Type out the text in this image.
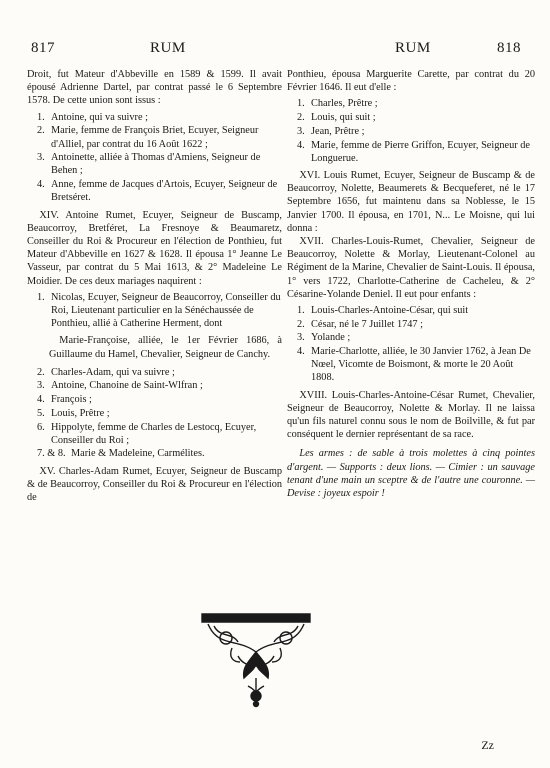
817	RUM	RUM	818

Droit, fut Mateur d'Abbeville en 1589 & 1599. Il avait épousé Adrienne Dartel, par contrat passé le 6 Septembre 1578. De cette union sont issus :

1. Antoine, qui va suivre ;
2. Marie, femme de François Briet, Ecuyer, Seigneur d'Alliel, par contrat du 16 Août 1622 ;
3. Antoinette, alliée à Thomas d'Amiens, Seigneur de Behen ;
4. Anne, femme de Jacques d'Artois, Ecuyer, Seigneur de Bretséret.

XIV. Antoine Rumet, Ecuyer, Seigneur de Buscamp, Beaucorroy, Bretféret, La Fresnoye & Beaumaretz, Conseiller du Roi & Procureur en l'élection de Ponthieu, fut Mateur d'Abbeville en 1627 & 1628. Il épousa 1° Jeanne Le Vasseur, par contrat du 5 Mai 1613, & 2° Madeleine Le Moidier. De ces deux mariages naquirent :

1. Nicolas, Ecuyer, Seigneur de Beaucorroy, Conseiller du Roi, Lieutenant particulier en la Sénéchaussée de Ponthieu, allié à Catherine Herment, dont

Marie-Françoise, alliée, le 1er Février 1686, à Guillaume du Hamel, Chevalier, Seigneur de Canchy.

2. Charles-Adam, qui va suivre ;
3. Antoine, Chanoine de Saint-Wlfran ;
4. François ;
5. Louis, Prêtre ;
6. Hippolyte, femme de Charles de Lestocq, Ecuyer, Conseiller du Roi ;
7. & 8. Marie & Madeleine, Carmélites.

XV. Charles-Adam Rumet, Ecuyer, Seigneur de Buscamp & de Beaucorroy, Conseiller du Roi & Procureur en l'élection de

Ponthieu, épousa Marguerite Carette, par contrat du 20 Février 1646. Il eut d'elle :

1. Charles, Prêtre ;
2. Louis, qui suit ;
3. Jean, Prêtre ;
4. Marie, femme de Pierre Griffon, Ecuyer, Seigneur de Longuerue.

XVI. Louis Rumet, Ecuyer, Seigneur de Buscamp & de Beaucorroy, Nolette, Beaumerets & Becqueferet, né le 17 Septembre 1656, fut maintenu dans sa Noblesse, le 15 Janvier 1700. Il épousa, en 1701, N... Le Moisne, qui lui donna :

XVII. Charles-Louis-Rumet, Chevalier, Seigneur de Beaucorroy, Nolette & Morlay, Lieutenant-Colonel au Régiment de la Marine, Chevalier de Saint-Louis. Il épousa, 1° vers 1722, Charlotte-Catherine de Cacheleu, & 2° Césarine-Yolande Deniel. Il eut pour enfants :

1. Louis-Charles-Antoine-César, qui suit
2. César, né le 7 Juillet 1747 ;
3. Yolande ;
4. Marie-Charlotte, alliée, le 30 Janvier 1762, à Jean De Nœel, Vicomte de Boismont, & morte le 20 Août 1808.

XVIII. Louis-Charles-Antoine-César Rumet, Chevalier, Seigneur de Beaucorroy, Nolette & Morlay. Il ne laissa qu'un fils naturel connu sous le nom de Boilville, & fut par conséquent le dernier représentant de sa race.

Les armes : de sable à trois molettes à cinq pointes d'argent. — Supports : deux lions. — Cimier : un sauvage tenant d'une main un sceptre & de l'autre une couronne. — Devise : joyeux espoir !

Zz
